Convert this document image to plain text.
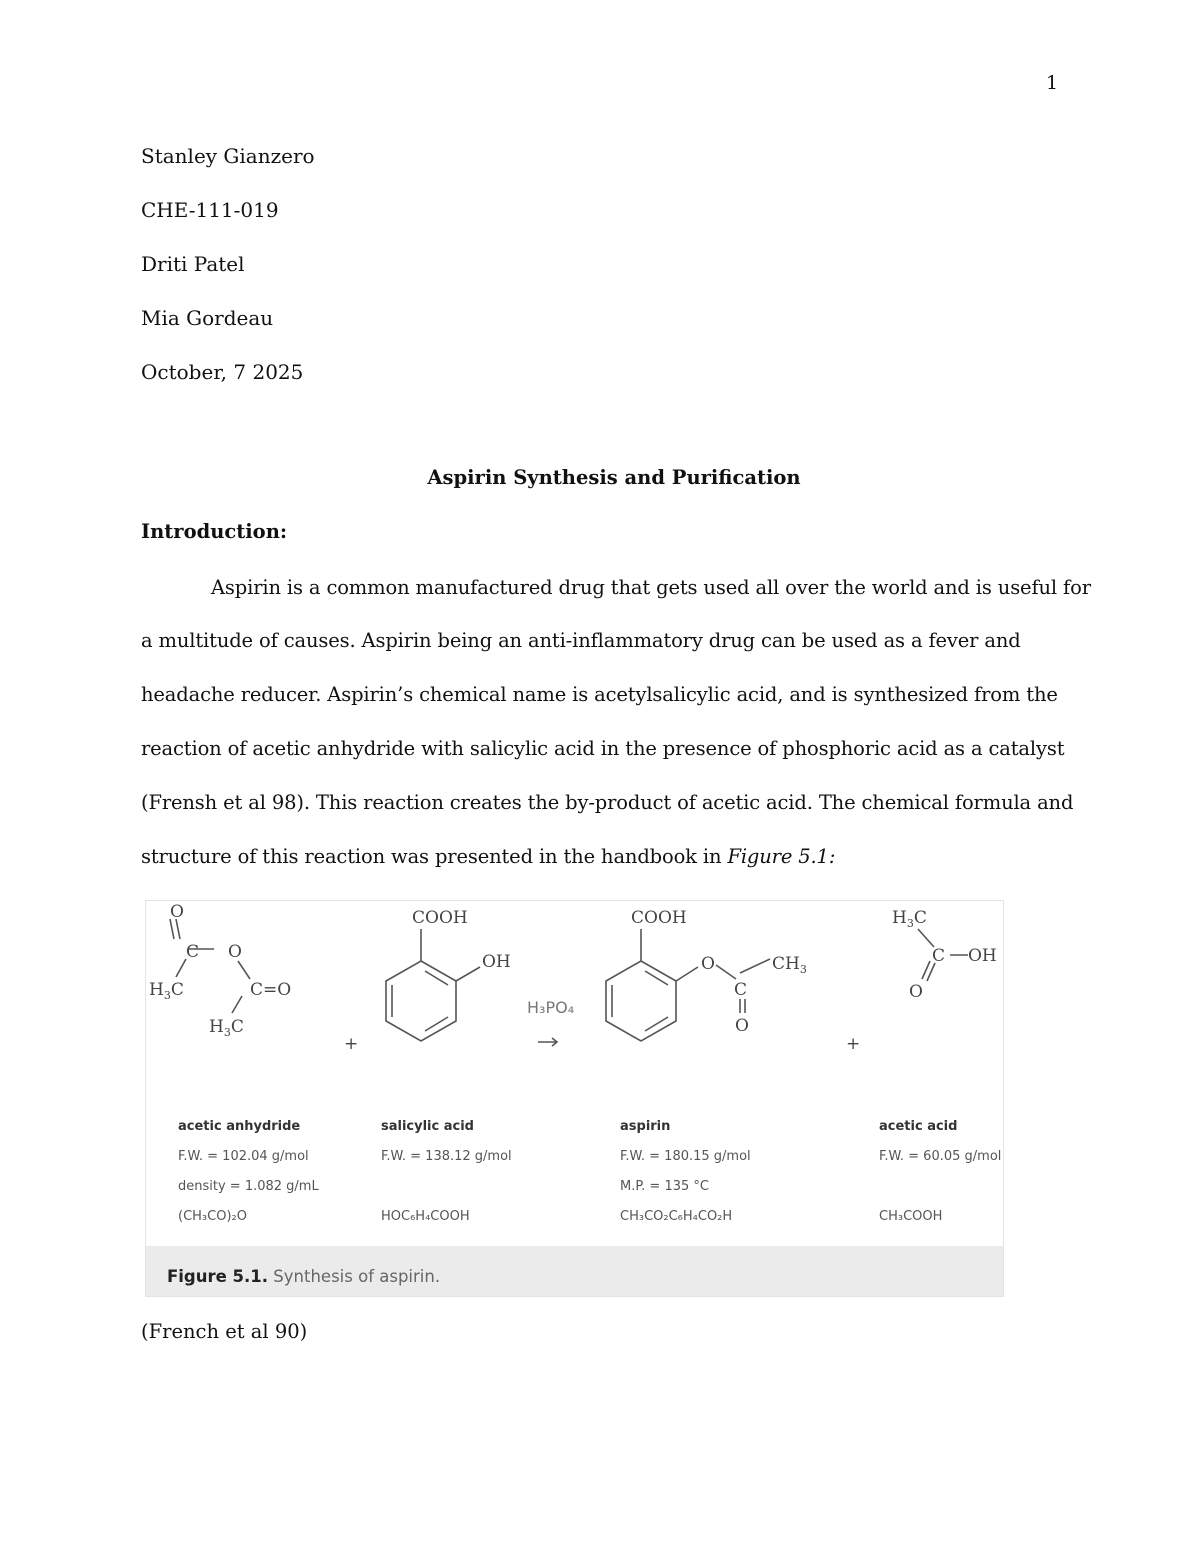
1
Stanley Gianzero
CHE-111-019
Driti Patel
Mia Gordeau
October, 7 2025
Aspirin Synthesis and Purification
Introduction:
Aspirin is a common manufactured drug that gets used all over the world and is useful for
a multitude of causes. Aspirin being an anti-inflammatory drug can be used as a fever and
headache reducer. Aspirin’s chemical name is acetylsalicylic acid, and is synthesized from the
reaction of acetic anhydride with salicylic acid in the presence of phosphoric acid as a catalyst
(Frensh et al 98). This reaction creates the by-product of acetic acid. The chemical formula and
structure of this reaction was presented in the handbook in Figure 5.1:
O
C O
$H_3C$	C=O
$H_3C$
+
COOH
OH
COOH
O
C
O
$CH_3$
+
$H_3C$
C OH
O
H₃PO₄
acetic anhydride
F.W. = 102.04 g/mol
density = 1.082 g/mL
(CH₃CO)₂O
salicylic acid
F.W. = 138.12 g/mol
HOC₆H₄COOH
aspirin
F.W. = 180.15 g/mol
M.P. = 135 °C
CH₃CO₂C₆H₄CO₂H
acetic acid
F.W. = 60.05 g/mol
CH₃COOH
Figure 5.1. Synthesis of aspirin.
(French et al 90)
